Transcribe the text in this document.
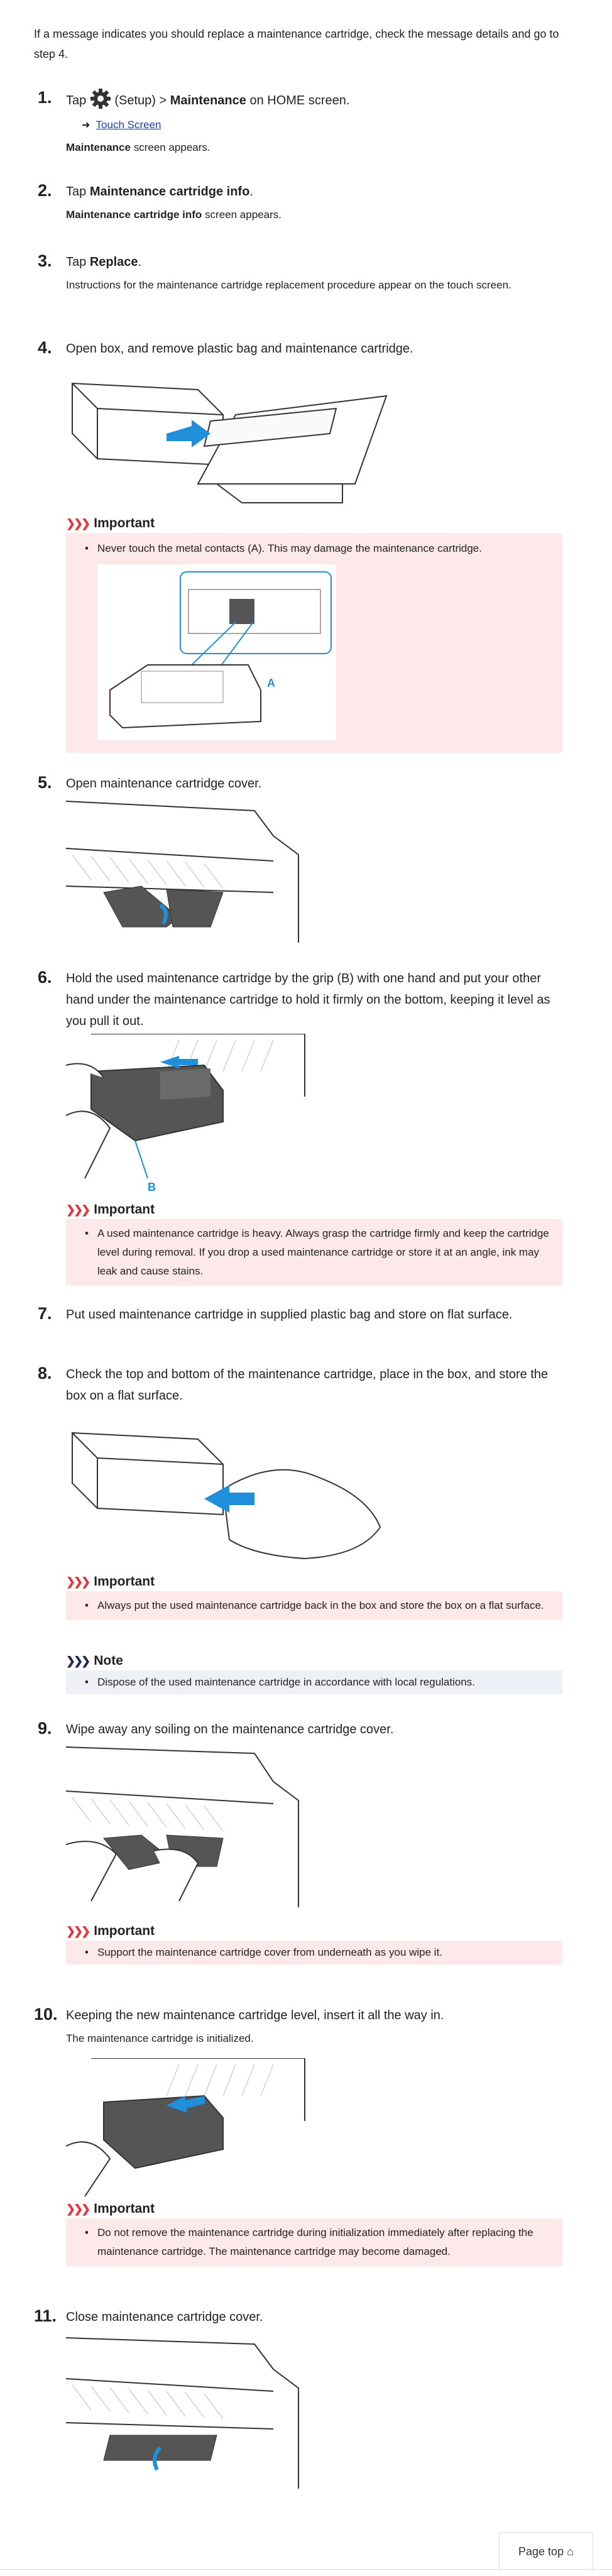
If a message indicates you should replace a maintenance cartridge, check the message details and go to step 4.
1.	Tap  (Setup) > Maintenance on HOME screen.
➜ Touch Screen
Maintenance screen appears.
2.	Tap Maintenance cartridge info.
Maintenance cartridge info screen appears.
3.	Tap Replace.
Instructions for the maintenance cartridge replacement procedure appear on the touch screen.
4.	Open box, and remove plastic bag and maintenance cartridge.
❯❯❯ Important
• Never touch the metal contacts (A). This may damage the maintenance cartridge.
A
5.	Open maintenance cartridge cover.
6.	Hold the used maintenance cartridge by the grip (B) with one hand and put your other hand under the maintenance cartridge to hold it firmly on the bottom, keeping it level as you pull it out.
B
❯❯❯ Important
• A used maintenance cartridge is heavy. Always grasp the cartridge firmly and keep the cartridge level during removal. If you drop a used maintenance cartridge or store it at an angle, ink may leak and cause stains.
7.	Put used maintenance cartridge in supplied plastic bag and store on flat surface.
8.	Check the top and bottom of the maintenance cartridge, place in the box, and store the box on a flat surface.
❯❯❯ Important
• Always put the used maintenance cartridge back in the box and store the box on a flat surface.
❯❯❯ Note
• Dispose of the used maintenance cartridge in accordance with local regulations.
9.	Wipe away any soiling on the maintenance cartridge cover.
❯❯❯ Important
• Support the maintenance cartridge cover from underneath as you wipe it.
10. Keeping the new maintenance cartridge level, insert it all the way in.
The maintenance cartridge is initialized.
❯❯❯ Important
• Do not remove the maintenance cartridge during initialization immediately after replacing the maintenance cartridge. The maintenance cartridge may become damaged.
11. Close maintenance cartridge cover.
Page top ⌂
